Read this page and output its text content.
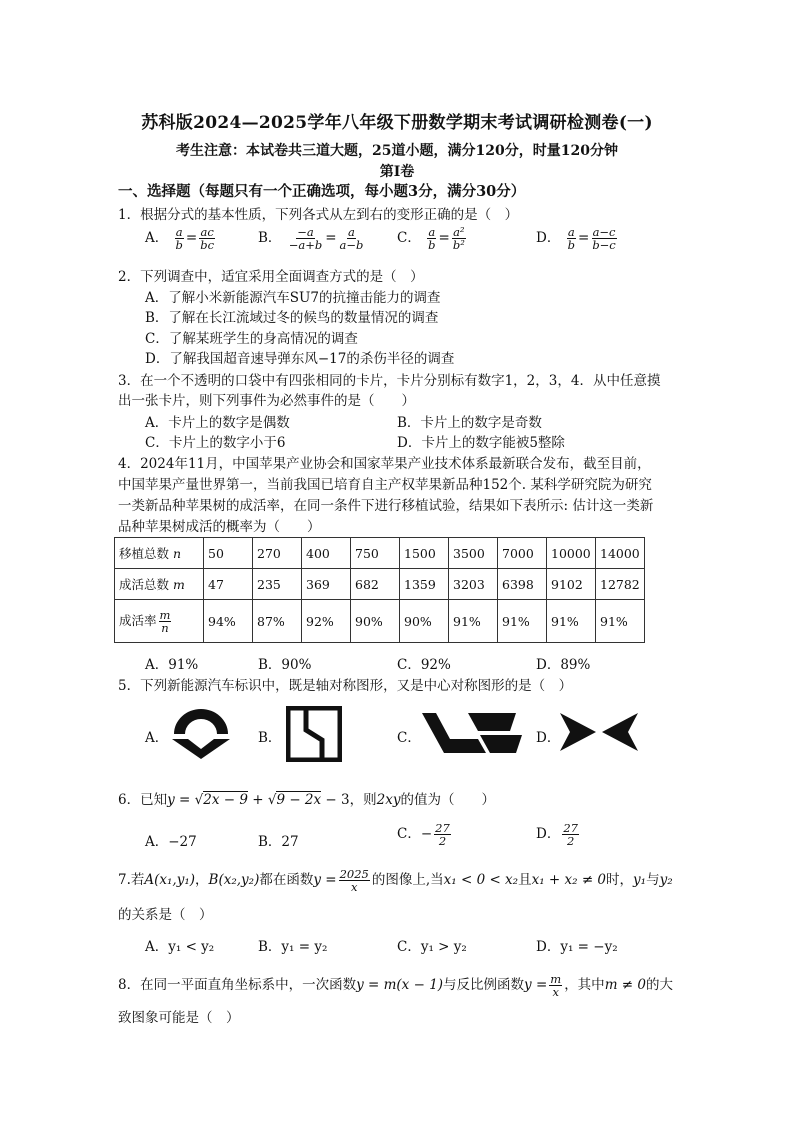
苏科版2024—2025学年八年级下册数学期末考试调研检测卷(一)
考生注意：本试卷共三道大题，25道小题，满分120分，时量120分钟
第Ⅰ卷
一、选择题（每题只有一个正确选项，每小题3分，满分30分）
1．根据分式的基本性质，下列各式从左到右的变形正确的是（　）
A． $\frac{a}{b} = \frac{ac}{bc}$	B． $\frac{-a}{-a+b} = \frac{a}{a-b}$ C． $\frac{a}{b} = \frac{\text{a²}}{\text{b²}}$	D． $\frac{a}{b} = \frac{a-c}{b-c}$
2．下列调查中，适宜采用全面调查方式的是（　）
A．了解小米新能源汽车SU7的抗撞击能力的调查
B．了解在长江流域过冬的候鸟的数量情况的调查
C．了解某班学生的身高情况的调查
D．了解我国超音速导弹东风−17的杀伤半径的调查
3．在一个不透明的口袋中有四张相同的卡片，卡片分别标有数字1，2，3，4．从中任意摸
出一张卡片，则下列事件为必然事件的是（　　）
A．卡片上的数字是偶数	B．卡片上的数字是奇数
C．卡片上的数字小于6	D．卡片上的数字能被5整除
4．2024年11月，中国苹果产业协会和国家苹果产业技术体系最新联合发布，截至目前，
中国苹果产量世界第一，当前我国已培育自主产权苹果新品种152个. 某科学研究院为研究
一类新品种苹果树的成活率，在同一条件下进行移植试验，结果如下表所示: 估计这一类新
品种苹果树成活的概率为（　　）
移植总数 n	50	270	400	750	1500	3500	7000	10000	14000
成活总数 m	47	235	369	682	1359	3203	6398	9102	12782
成活率 $\frac{m}{n}$	94%	87%	92%	90%	90%	91%	91%	91%	91%
A．91%	B．90%	C．92%	D．89%
5．下列新能源汽车标识中，既是轴对称图形，又是中心对称图形的是（　）
A．	B．	C．	D．
6．已知y = √2x − 9 + √9 − 2x − 3，则2xy的值为（　　）
A．−27	B．27	C．− $\frac{27}{2}$	D． $\frac{27}{2}$
7.若A(x₁,y₁)，B(x₂,y₂)都在函数$y = \frac{2025}{x}$ 的图像上,当x₁ < 0 < x₂且x₁ + x₂ ≠ 0时，y₁与y₂
的关系是（　）
A．y₁ < y₂	B．y₁ = y₂	C．y₁ > y₂	D．y₁ = −y₂
8．在同一平面直角坐标系中，一次函数y = m(x − 1)与反比例函数$y = \frac{m}{x}$ ，其中m ≠ 0的大
致图象可能是（　）
